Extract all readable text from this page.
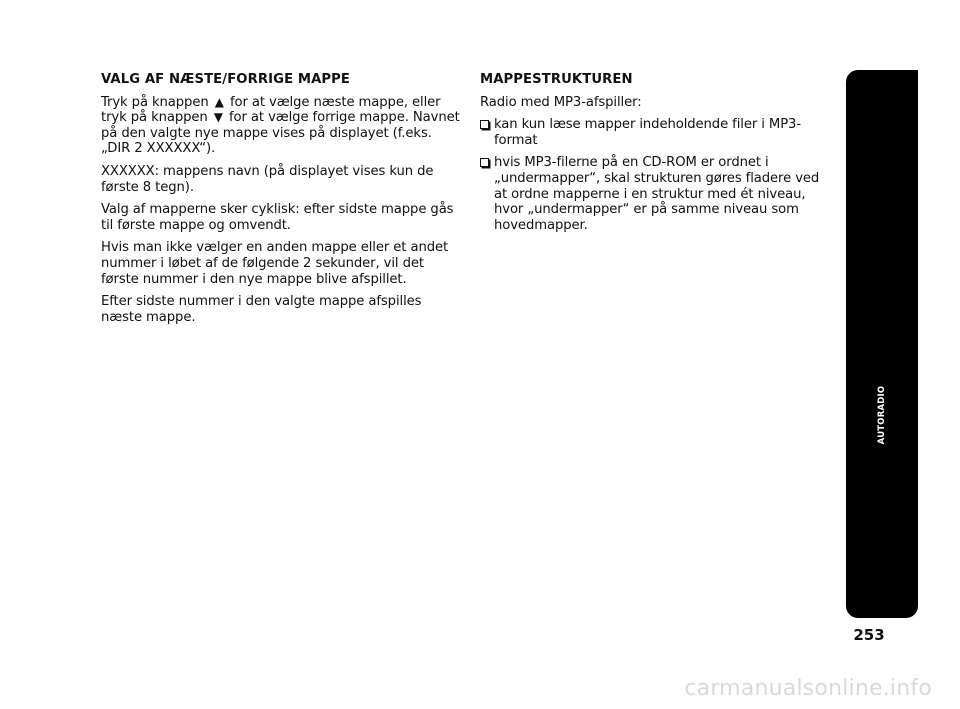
VALG AF NÆSTE/FORRIGE MAPPE
Tryk på knappen ▲ for at vælge næste mappe, eller tryk på knappen ▼ for at vælge forrige mappe. Navnet på den valgte nye mappe vises på displayet (f.eks. „DIR 2 XXXXXX“).
XXXXXX: mappens navn (på displayet vises kun de første 8 tegn).
Valg af mapperne sker cyklisk: efter sidste mappe gås til første mappe og omvendt.
Hvis man ikke vælger en anden mappe eller et andet nummer i løbet af de følgende 2 sekunder, vil det første nummer i den nye mappe blive afspillet.
Efter sidste nummer i den valgte mappe afspilles næste mappe.
MAPPESTRUKTUREN
Radio med MP3-afspiller:
kan kun læse mapper indeholdende filer i MP3-format
hvis MP3-filerne på en CD-ROM er ordnet i „undermapper“, skal strukturen gøres fladere ved at ordne mapperne i en struktur med ét niveau, hvor „undermapper“ er på samme niveau som hovedmapper.
AUTORADIO
253
carmanualsonline.info
